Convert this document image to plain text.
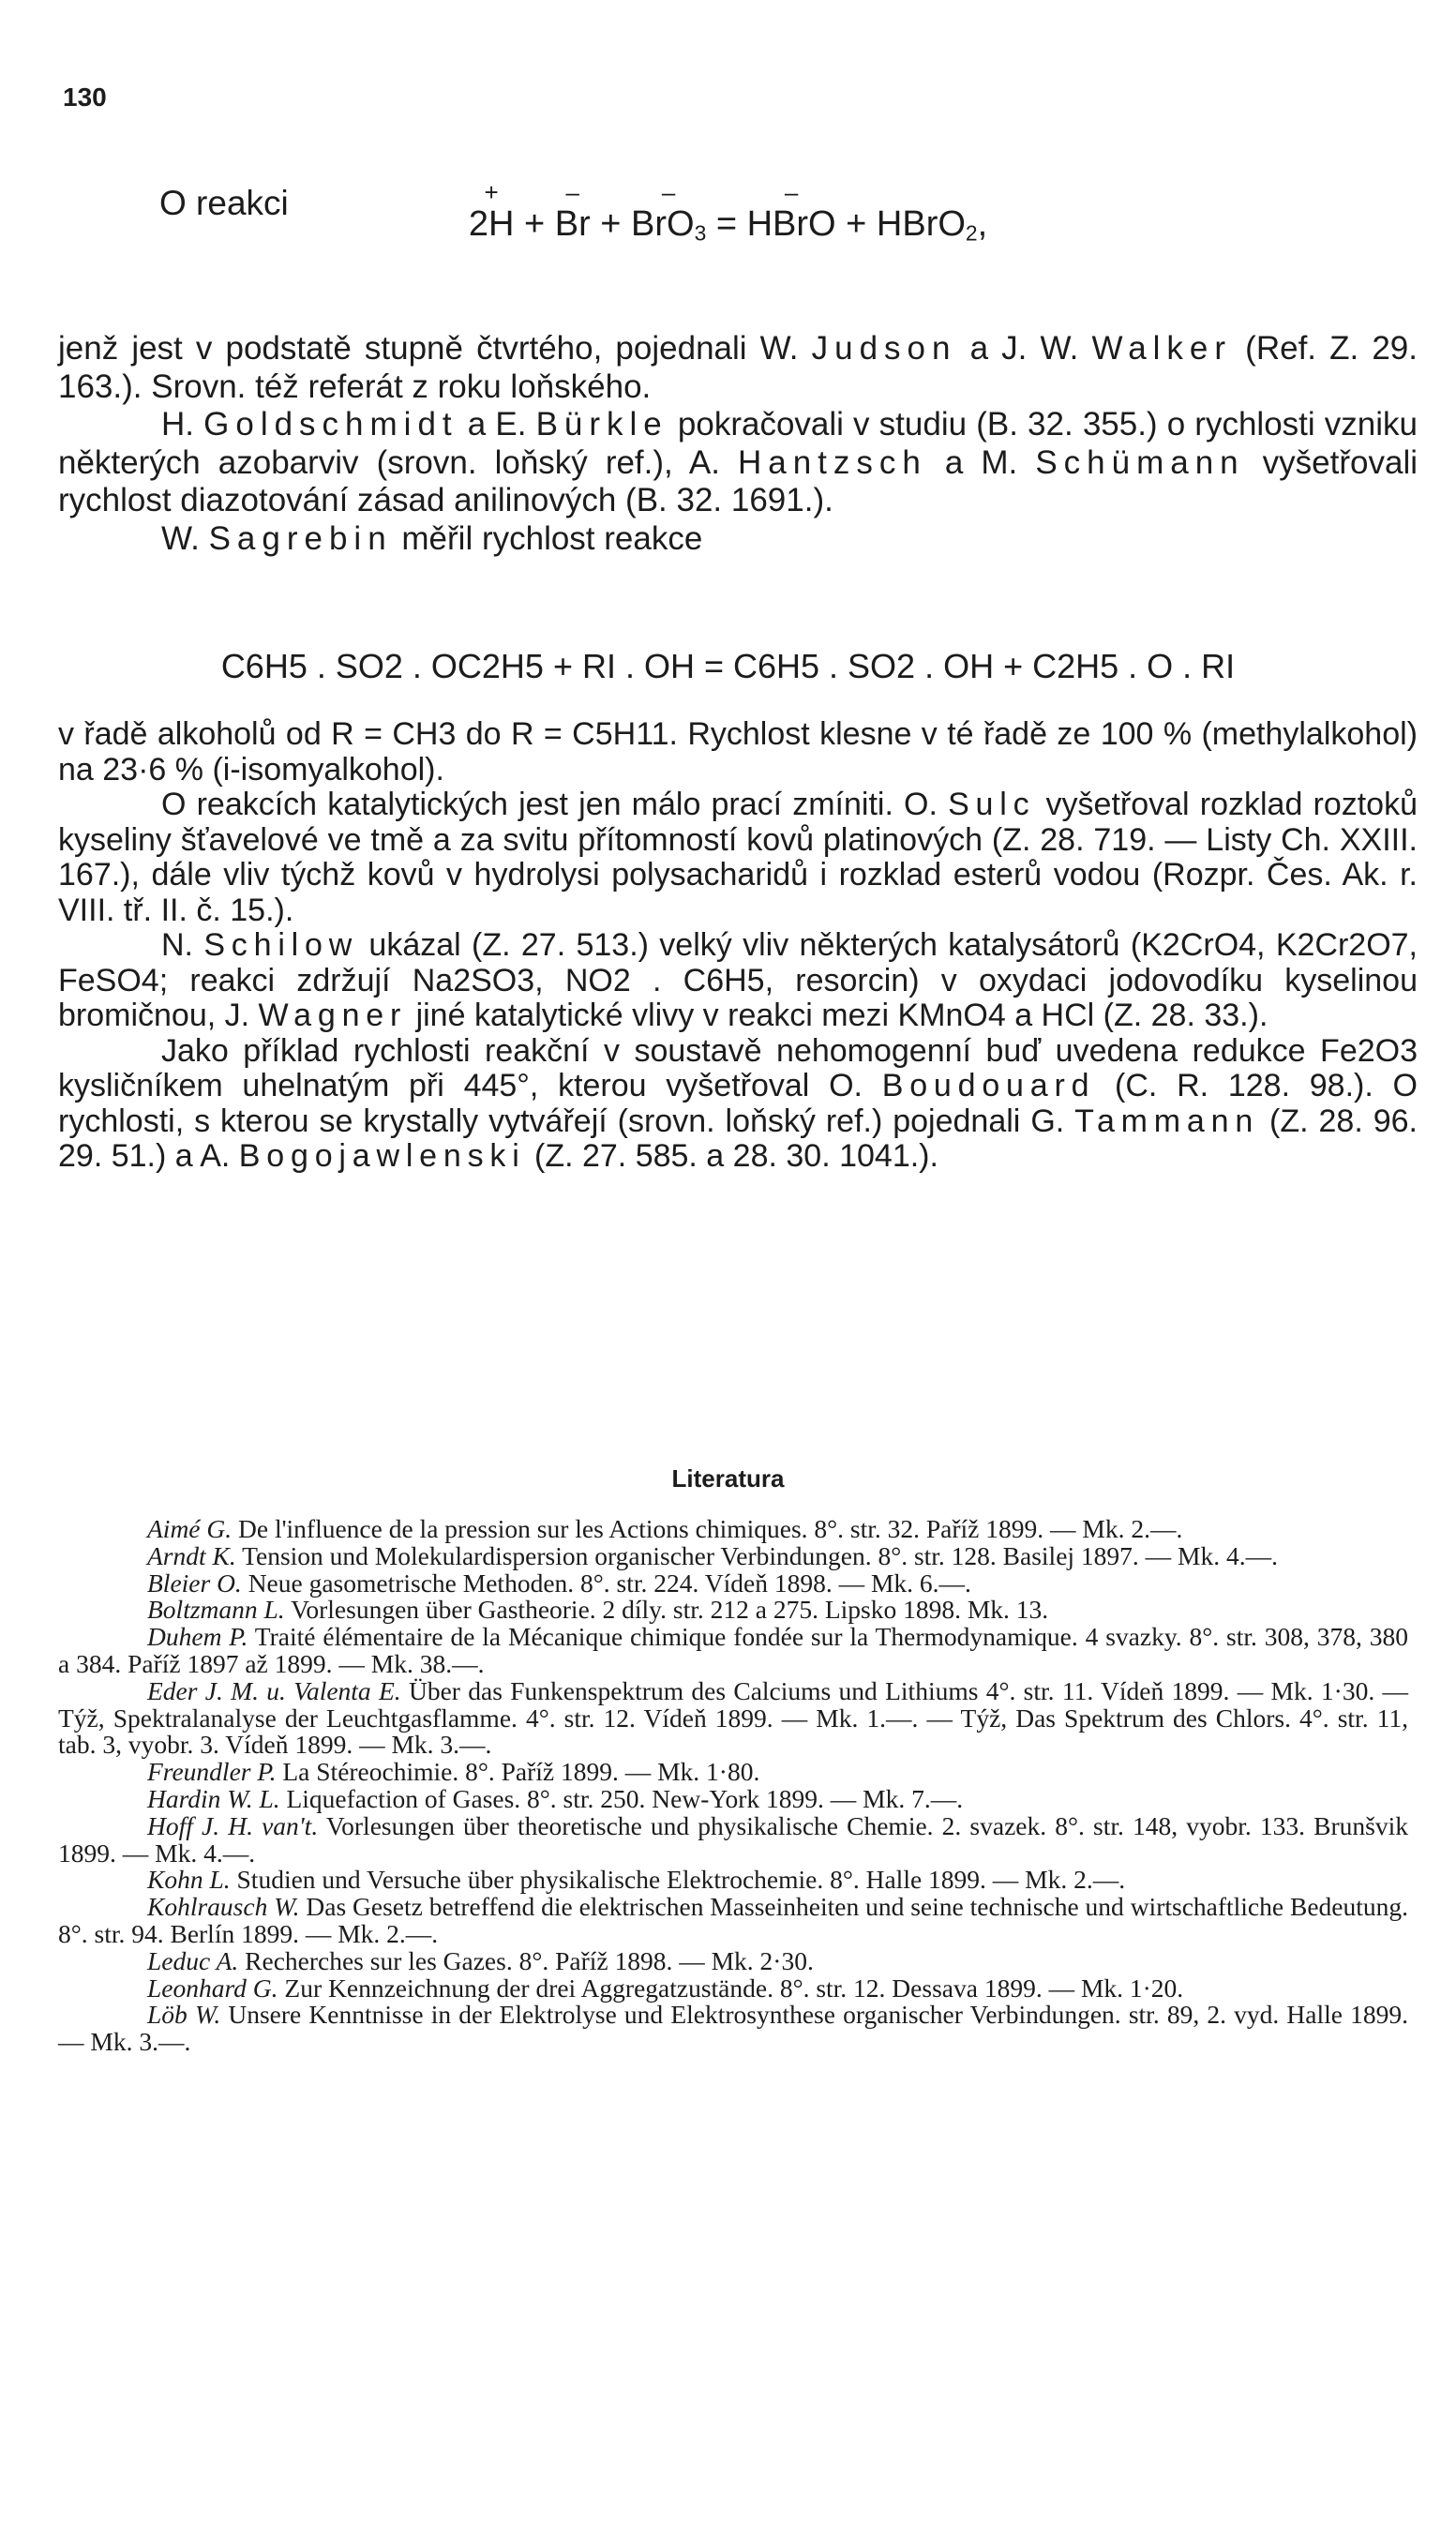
130
O reakci
+ 2H + – Br + – BrO$_3$ = – HBrO + HBrO$_2$,

jenž jest v podstatě stupně čtvrtého, pojednali W. Judson a J. W. Walker (Ref. Z. 29. 163.). Srovn. též referát z roku loňského.

H. Goldschmidt a E. Bürkle pokračovali v studiu (B. 32. 355.) o rychlosti vzniku některých azobarviv (srovn. loňský ref.), A. Hantzsch a M. Schümann vyšetřovali rychlost diazotování zásad anilinových (B. 32. 1691.).

W. Sagrebin měřil rychlost reakce

C6H5 . SO2 . OC2H5 + RI . OH = C6H5 . SO2 . OH + C2H5 . O . RI

v řadě alkoholů od R = CH3 do R = C5H11. Rychlost klesne v té řadě ze 100 % (methylalkohol) na 23·6 % (i-isomyalkohol).

O reakcích katalytických jest jen málo prací zmíniti. O. Sulc vyšetřoval rozklad roztoků kyseliny šťavelové ve tmě a za svitu přítomností kovů platinových (Z. 28. 719. — Listy Ch. XXIII. 167.), dále vliv týchž kovů v hydrolysi polysacharidů i rozklad esterů vodou (Rozpr. Čes. Ak. r. VIII. tř. II. č. 15.).

N. Schilow ukázal (Z. 27. 513.) velký vliv některých katalysátorů (K2CrO4, K2Cr2O7, FeSO4; reakci zdržují Na2SO3, NO2 . C6H5, resorcin) v oxydaci jodovodíku kyselinou bromičnou, J. Wagner jiné katalytické vlivy v reakci mezi KMnO4 a HCl (Z. 28. 33.).

Jako příklad rychlosti reakční v soustavě nehomogenní buď uvedena redukce Fe2O3 kysličníkem uhelnatým při 445°, kterou vyšetřoval O. Boudouard (C. R. 128. 98.). O rychlosti, s kterou se krystally vytvářejí (srovn. loňský ref.) pojednali G. Tammann (Z. 28. 96. 29. 51.) a A. Bogojawlenski (Z. 27. 585. a 28. 30. 1041.).

Literatura

Aimé G. De l'influence de la pression sur les Actions chimiques. 8°. str. 32. Paříž 1899. — Mk. 2.—.

Arndt K. Tension und Molekulardispersion organischer Verbindungen. 8°. str. 128. Basilej 1897. — Mk. 4.—.

Bleier O. Neue gasometrische Methoden. 8°. str. 224. Vídeň 1898. — Mk. 6.—.

Boltzmann L. Vorlesungen über Gastheorie. 2 díly. str. 212 a 275. Lipsko 1898. Mk. 13.

Duhem P. Traité élémentaire de la Mécanique chimique fondée sur la Thermodynamique. 4 svazky. 8°. str. 308, 378, 380 a 384. Paříž 1897 až 1899. — Mk. 38.—.

Eder J. M. u. Valenta E. Über das Funkenspektrum des Calciums und Lithiums 4°. str. 11. Vídeň 1899. — Mk. 1·30. — Týž, Spektralanalyse der Leuchtgasflamme. 4°. str. 12. Vídeň 1899. — Mk. 1.—. — Týž, Das Spektrum des Chlors. 4°. str. 11, tab. 3, vyobr. 3. Vídeň 1899. — Mk. 3.—.

Freundler P. La Stéreochimie. 8°. Paříž 1899. — Mk. 1·80.

Hardin W. L. Liquefaction of Gases. 8°. str. 250. New-York 1899. — Mk. 7.—.

Hoff J. H. van't. Vorlesungen über theoretische und physikalische Chemie. 2. svazek. 8°. str. 148, vyobr. 133. Brunšvik 1899. — Mk. 4.—.

Kohn L. Studien und Versuche über physikalische Elektrochemie. 8°. Halle 1899. — Mk. 2.—.

Kohlrausch W. Das Gesetz betreffend die elektrischen Masseinheiten und seine technische und wirtschaftliche Bedeutung. 8°. str. 94. Berlín 1899. — Mk. 2.—.

Leduc A. Recherches sur les Gazes. 8°. Paříž 1898. — Mk. 2·30.

Leonhard G. Zur Kennzeichnung der drei Aggregatzustände. 8°. str. 12. Dessava 1899. — Mk. 1·20.

Löb W. Unsere Kenntnisse in der Elektrolyse und Elektrosynthese organischer Verbindungen. str. 89, 2. vyd. Halle 1899. — Mk. 3.—.
